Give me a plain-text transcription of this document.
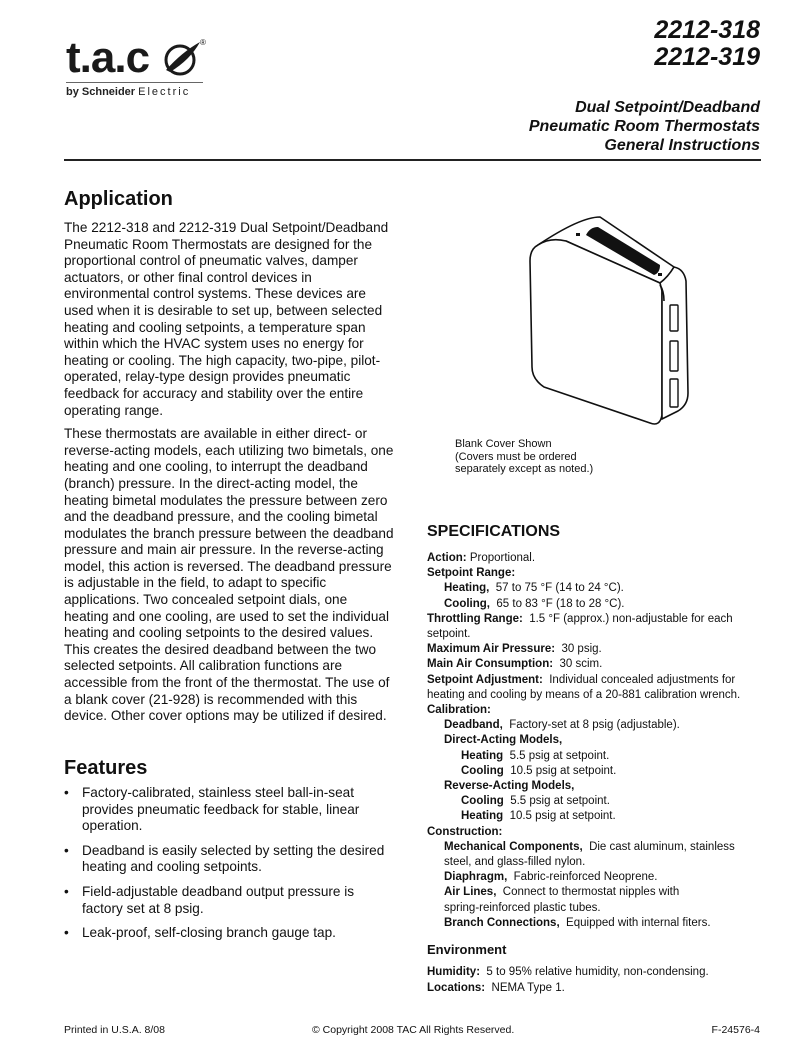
t.a.c	®
by Schneider Electric
2212-318
2212-319
Dual Setpoint/Deadband
Pneumatic Room Thermostats
General Instructions
Application

The 2212-318 and 2212-319 Dual Setpoint/Deadband Pneumatic Room Thermostats are designed for the proportional control of pneumatic valves, damper actuators, or other final control devices in environmental control systems. These devices are used when it is desirable to set up, between selected heating and cooling setpoints, a temperature span within which the HVAC system uses no energy for heating or cooling. The high capacity, two-pipe, pilot-operated, relay-type design provides pneumatic feedback for accuracy and stability over the entire operating range.

These thermostats are available in either direct- or reverse-acting models, each utilizing two bimetals, one heating and one cooling, to interrupt the deadband (branch) pressure. In the direct-acting model, the heating bimetal modulates the pressure between zero and the deadband pressure, and the cooling bimetal modulates the branch pressure between the deadband pressure and main air pressure. In the reverse-acting model, this action is reversed. The deadband pressure is adjustable in the field, to adapt to specific applications. Two concealed setpoint dials, one heating and one cooling, are used to set the individual heating and cooling setpoints to the desired values. This creates the desired deadband between the two selected setpoints. All calibration functions are accessible from the front of the thermostat. The use of a blank cover (21-928) is recommended with this device. Other cover options may be utilized if desired.

Features
• Factory-calibrated, stainless steel ball-in-seat provides pneumatic feedback for stable, linear operation.
• Deadband is easily selected by setting the desired heating and cooling setpoints.
• Field-adjustable deadband output pressure is factory set at 8 psig.
• Leak-proof, self-closing branch gauge tap.
Blank Cover Shown
(Covers must be ordered
separately except as noted.)
SPECIFICATIONS
Action: Proportional.
Setpoint Range:
Heating, 57 to 75 °F (14 to 24 °C).
Cooling, 65 to 83 °F (18 to 28 °C).
Throttling Range: 1.5 °F (approx.) non-adjustable for each setpoint.
Maximum Air Pressure: 30 psig.
Main Air Consumption: 30 scim.
Setpoint Adjustment: Individual concealed adjustments for heating and cooling by means of a 20-881 calibration wrench.
Calibration:
Deadband, Factory-set at 8 psig (adjustable).
Direct-Acting Models,
Heating 5.5 psig at setpoint.
Cooling 10.5 psig at setpoint.
Reverse-Acting Models,
Cooling 5.5 psig at setpoint.
Heating 10.5 psig at setpoint.
Construction:
Mechanical Components, Die cast aluminum, stainless steel, and glass-filled nylon.
Diaphragm, Fabric-reinforced Neoprene.
Air Lines, Connect to thermostat nipples with spring-reinforced plastic tubes.
Branch Connections, Equipped with internal fiters.
Environment
Humidity: 5 to 95% relative humidity, non-condensing.
Locations: NEMA Type 1.
Printed in U.S.A. 8/08	© Copyright 2008 TAC All Rights Reserved.	F-24576-4
